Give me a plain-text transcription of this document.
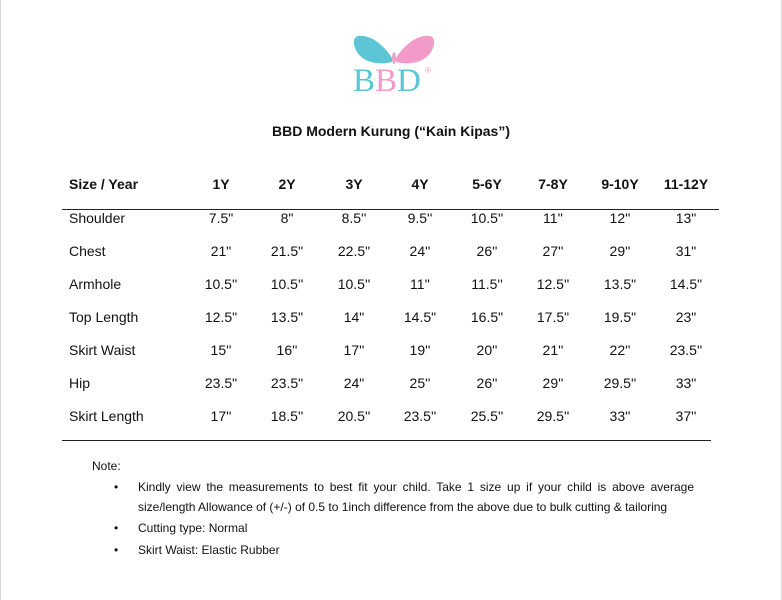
BBD ®
BBD Modern Kurung (“Kain Kipas”)
Size / Year	1Y	2Y	3Y	4Y	5-6Y	7-8Y	9-10Y	11-12Y
Shoulder	7.5"	8"	8.5''	9.5''	10.5''	11''	12''	13"
Chest	21"	21.5"	22.5"	24''	26''	27''	29''	31"
Armhole	10.5''	10.5''	10.5''	11''	11.5''	12.5''	13.5"	14.5"
Top Length	12.5"	13.5"	14"	14.5"	16.5"	17.5"	19.5"	23"
Skirt Waist	15''	16''	17''	19''	20''	21''	22''	23.5''
Hip	23.5"	23.5"	24"	25''	26''	29''	29.5''	33"
Skirt Length	17''	18.5''	20.5''	23.5''	25.5''	29.5''	33''	37''
Note:
• Kindly view the measurements to best fit your child. Take 1 size up if your child is above average size/length Allowance of (+/-) of 0.5 to 1inch difference from the above due to bulk cutting & tailoring
• Cutting type: Normal
• Skirt Waist: Elastic Rubber
